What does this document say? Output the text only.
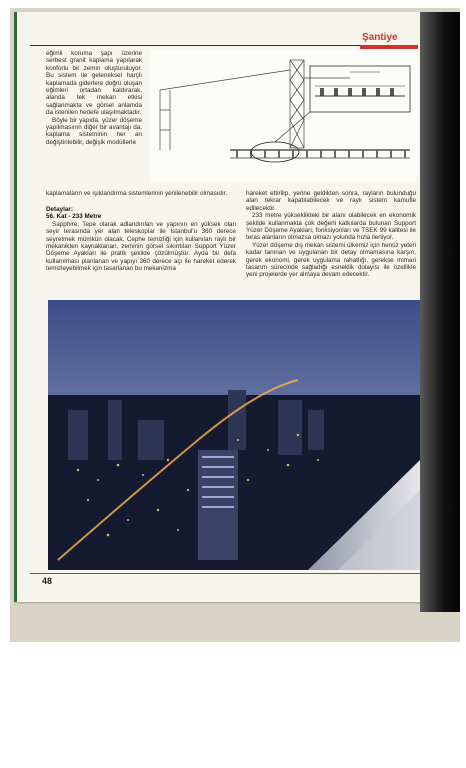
Şantiye

eğimli koruma şapı üzerine serbest granit kaplama yapılarak konforlu bir zemin oluşturuluyor. Bu sistem ile geleneksel harçlı kaplamada giderlere doğru oluşan eğimleri ortadan kaldırarak, alanda tek mekan etkisi sağlanmakta ve görsel anlamda da istenilen hedefe ulaşılmaktadır.

Böyle bir yapıda, yüzer döşeme yapılmasının diğer bir avantajı da, kaplama sisteminin her an değiştirilebilir, değişik modüllerle

kaplamaların ve ışıklandırma sistemlerinin yenilenebilir olmasıdır.
Detaylar:
56. Kat - 233 Metre

Sapphire, Tepe olarak adlandırılan ve yapının en yüksek olan seyir terasında yer alan teleskoplar ile İstanbul'u 360 derece seyretmek mümkün olacak. Cephe temizliği için kullanılan raylı bir mekanikten kaynaklanan, zeminin görsel sıkıntıları Support Yüzer Döşeme Ayakları ile pratik şekilde çözülmüştür. Ayda bir defa kullanılması planlanan ve yapıyı 360 derece açı ile hareket ederek temizleyebilmek için tasarlanan bu mekanizma

hareket ettirilip, yerine geldikten sonra, rayların bulunduğu alan tekrar kapatılabilecek ve raylı sistem kamufle edilecektir.

233 metre yüksekliktеki bir alanı olabilecek en ekonomik şekilde kullanmakta çok değerli katkılarda bulunan Support Yüzer Döşeme Ayakları, fonksiyonları ve TSEK 99 kalitesi ile teras alanların olmazsa olmazı yolunda hızla ilerliyor.

Yüzer döşeme dış mekan sistemi ülkemiz için henüz yeteri kadar tanınan ve uygulanan bir detay olmamasına karşın, gerek ekonomi, gerek uygulama rahatlığı, gerekse mimari tasarım sürecinde sağladığı esneklik dolayısı ile özellikle yeni projelerde yer almaya devam edecektir.

48
